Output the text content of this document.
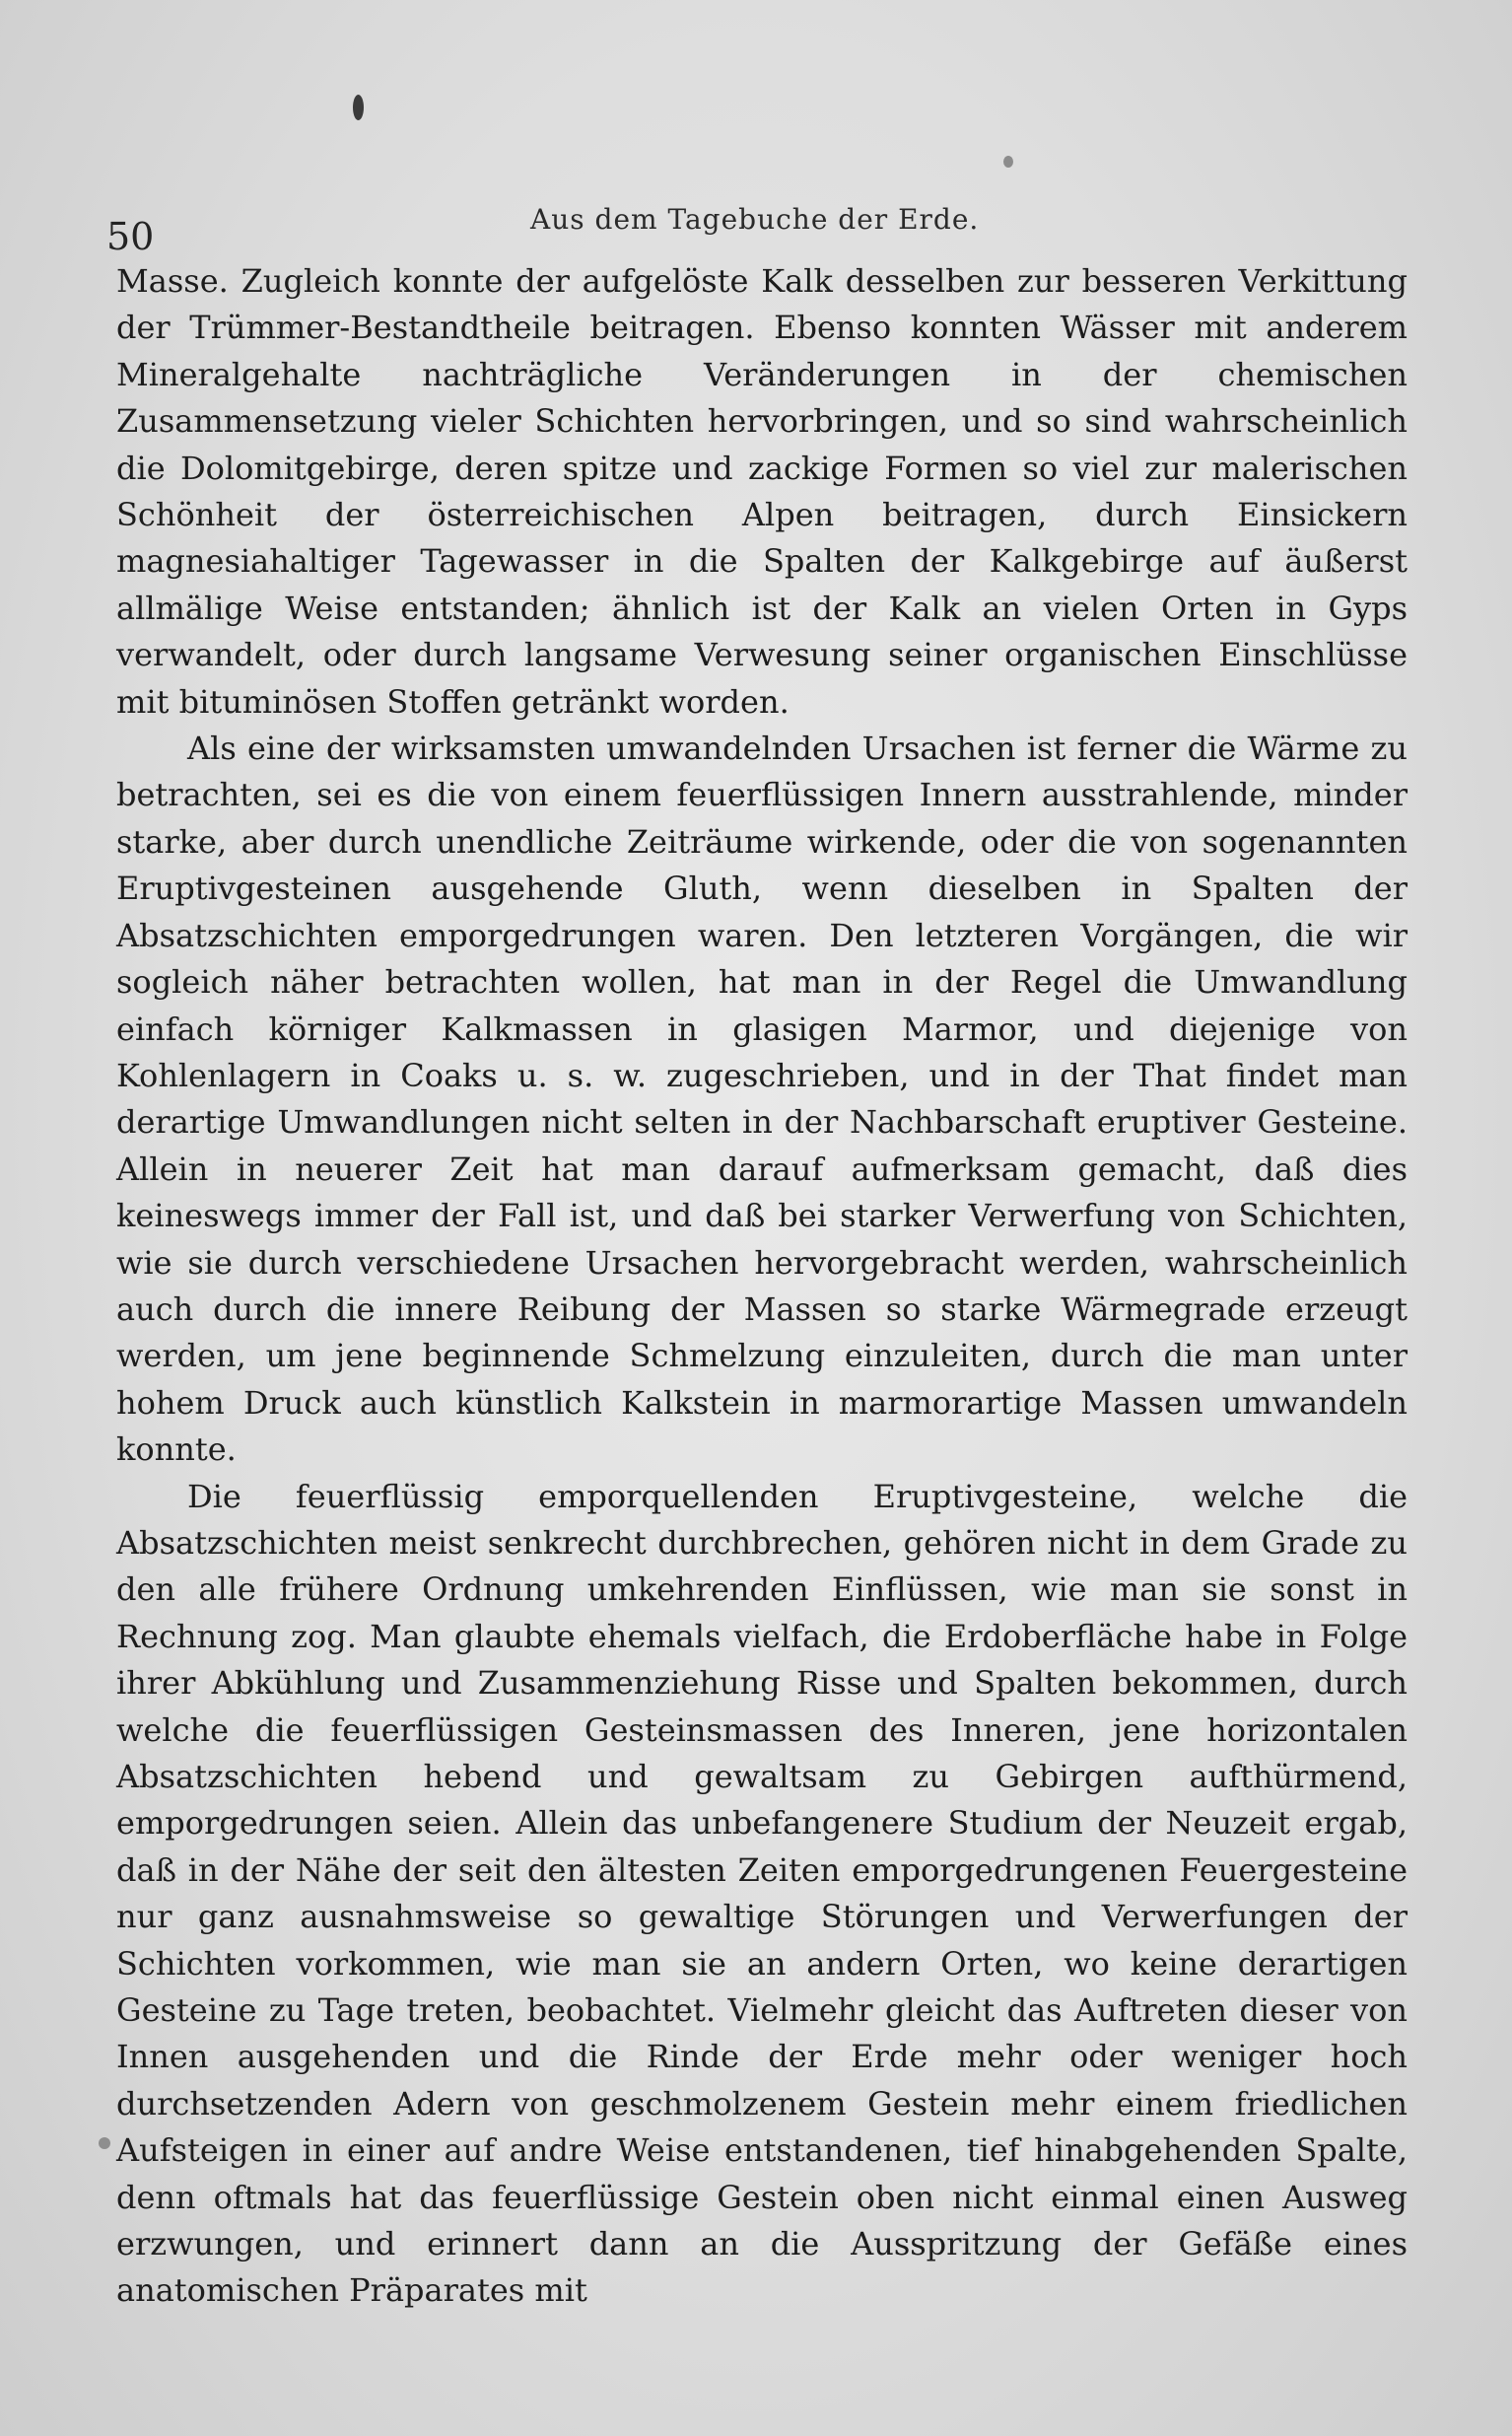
50	Aus dem Tagebuche der Erde.

Masse. Zugleich konnte der aufgelöste Kalk desselben zur besseren Verkittung der Trümmer-Bestandtheile beitragen. Ebenso konnten Wässer mit anderem Mineralgehalte nachträgliche Veränderungen in der chemischen Zusammensetzung vieler Schichten hervorbringen, und so sind wahrscheinlich die Dolomitgebirge, deren spitze und zackige Formen so viel zur malerischen Schönheit der österreichischen Alpen beitragen, durch Einsickern magnesiahaltiger Tagewasser in die Spalten der Kalkgebirge auf äußerst allmälige Weise entstanden; ähnlich ist der Kalk an vielen Orten in Gyps verwandelt, oder durch langsame Verwesung seiner organischen Einschlüsse mit bituminösen Stoffen getränkt worden.

Als eine der wirksamsten umwandelnden Ursachen ist ferner die Wärme zu betrachten, sei es die von einem feuerflüssigen Innern ausstrahlende, minder starke, aber durch unendliche Zeiträume wirkende, oder die von sogenannten Eruptivgesteinen ausgehende Gluth, wenn dieselben in Spalten der Absatzschichten emporgedrungen waren. Den letzteren Vorgängen, die wir sogleich näher betrachten wollen, hat man in der Regel die Umwandlung einfach körniger Kalkmassen in glasigen Marmor, und diejenige von Kohlenlagern in Coaks u. s. w. zugeschrieben, und in der That findet man derartige Umwandlungen nicht selten in der Nachbarschaft eruptiver Gesteine. Allein in neuerer Zeit hat man darauf aufmerksam gemacht, daß dies keineswegs immer der Fall ist, und daß bei starker Verwerfung von Schichten, wie sie durch verschiedene Ursachen hervorgebracht werden, wahrscheinlich auch durch die innere Reibung der Massen so starke Wärmegrade erzeugt werden, um jene beginnende Schmelzung einzuleiten, durch die man unter hohem Druck auch künstlich Kalkstein in marmorartige Massen umwandeln konnte.

Die feuerflüssig emporquellenden Eruptivgesteine, welche die Absatzschichten meist senkrecht durchbrechen, gehören nicht in dem Grade zu den alle frühere Ordnung umkehrenden Einflüssen, wie man sie sonst in Rechnung zog. Man glaubte ehemals vielfach, die Erdoberfläche habe in Folge ihrer Abkühlung und Zusammenziehung Risse und Spalten bekommen, durch welche die feuerflüssigen Gesteinsmassen des Inneren, jene horizontalen Absatzschichten hebend und gewaltsam zu Gebirgen aufthürmend, emporgedrungen seien. Allein das unbefangenere Studium der Neuzeit ergab, daß in der Nähe der seit den ältesten Zeiten emporgedrungenen Feuergesteine nur ganz ausnahmsweise so gewaltige Störungen und Verwerfungen der Schichten vorkommen, wie man sie an andern Orten, wo keine derartigen Gesteine zu Tage treten, beobachtet. Vielmehr gleicht das Auftreten dieser von Innen ausgehenden und die Rinde der Erde mehr oder weniger hoch durchsetzenden Adern von geschmolzenem Gestein mehr einem friedlichen Aufsteigen in einer auf andre Weise entstandenen, tief hinabgehenden Spalte, denn oftmals hat das feuerflüssige Gestein oben nicht einmal einen Ausweg erzwungen, und erinnert dann an die Ausspritzung der Gefäße eines anatomischen Präparates mit
